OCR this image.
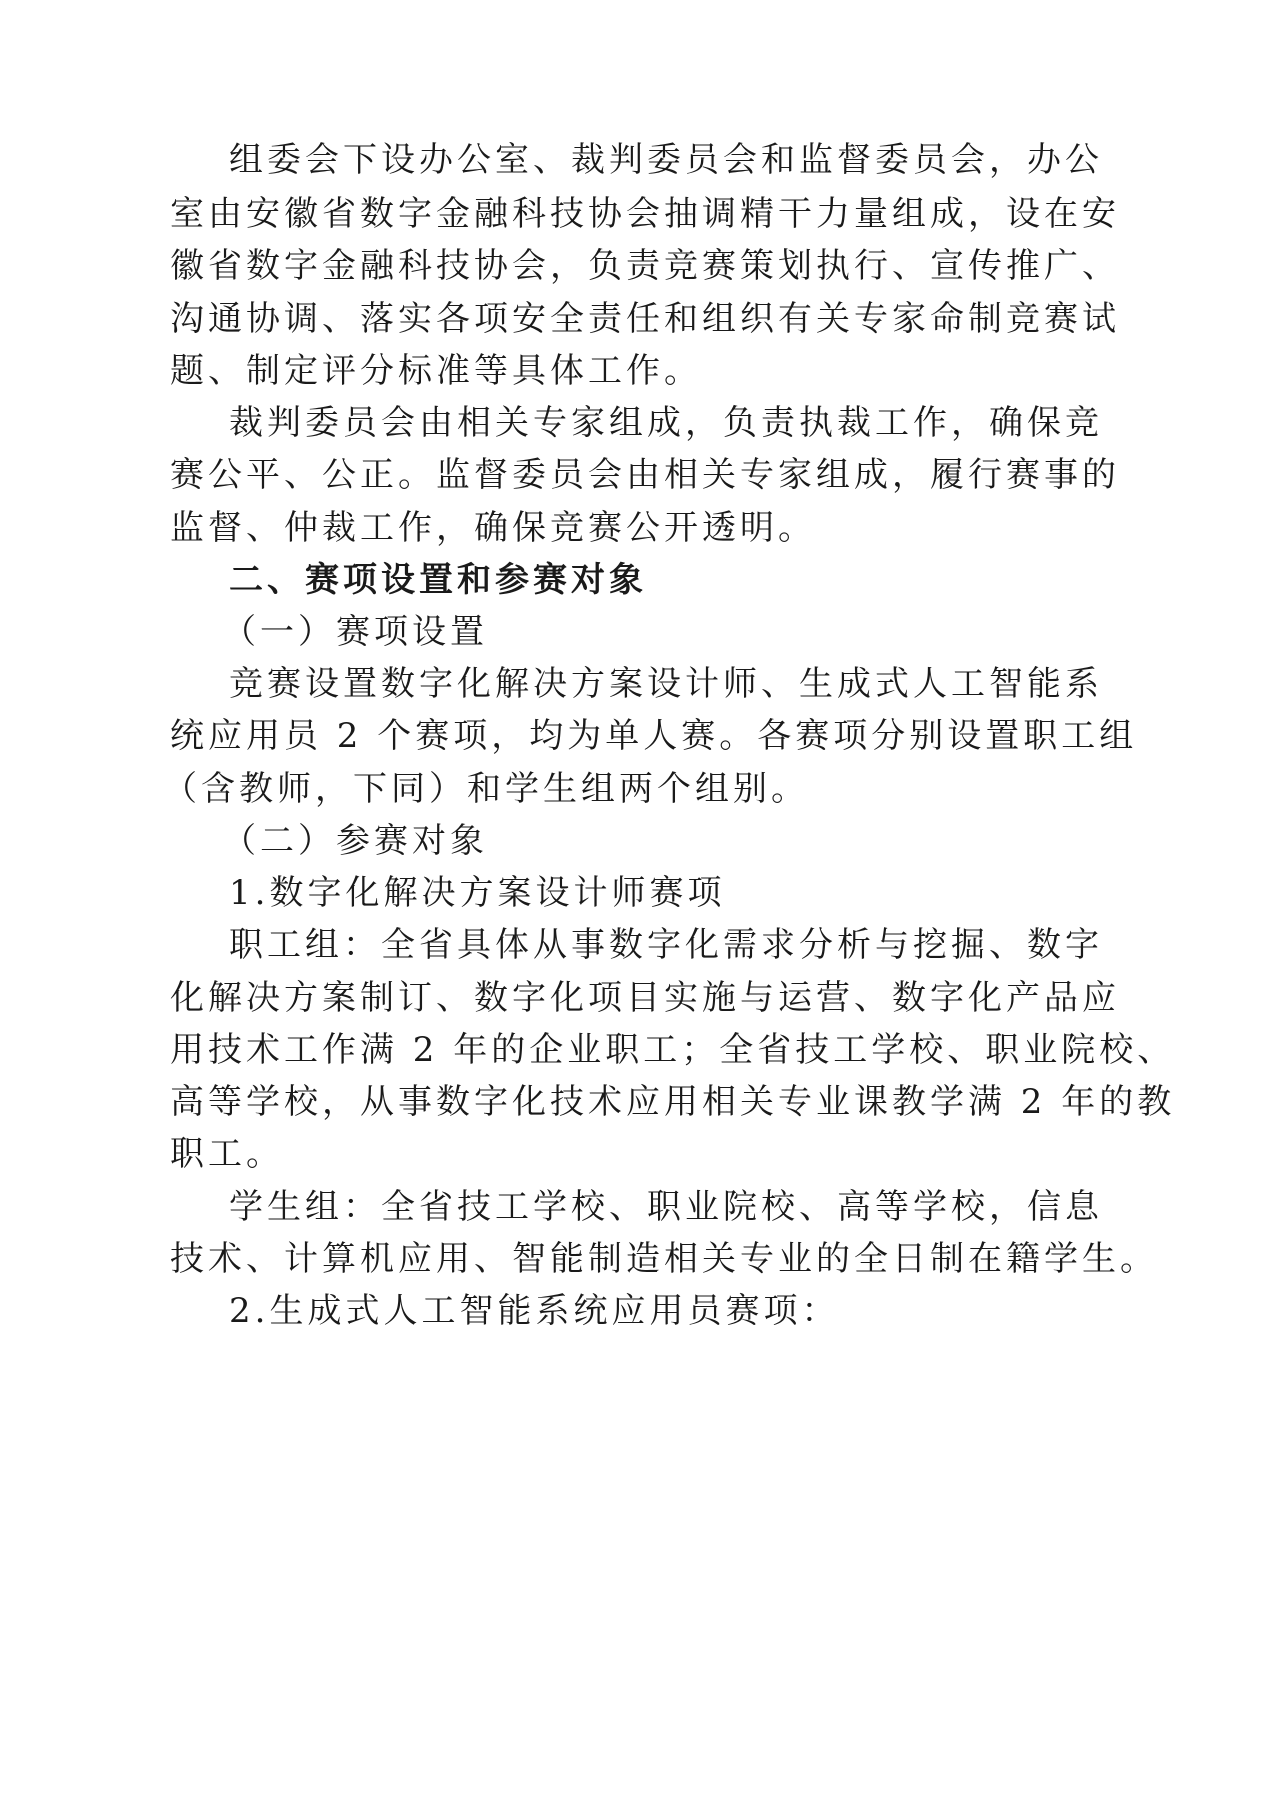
组委会下设办公室、裁判委员会和监督委员会，办公
室由安徽省数字金融科技协会抽调精干力量组成，设在安
徽省数字金融科技协会，负责竞赛策划执行、宣传推广、
沟通协调、落实各项安全责任和组织有关专家命制竞赛试
题、制定评分标准等具体工作。
裁判委员会由相关专家组成，负责执裁工作，确保竞
赛公平、公正。监督委员会由相关专家组成，履行赛事的
监督、仲裁工作，确保竞赛公开透明。
二、赛项设置和参赛对象
（一）赛项设置
竞赛设置数字化解决方案设计师、生成式人工智能系
统应用员 2 个赛项，均为单人赛。各赛项分别设置职工组
（含教师，下同）和学生组两个组别。
（二）参赛对象
1.数字化解决方案设计师赛项
职工组：全省具体从事数字化需求分析与挖掘、数字
化解决方案制订、数字化项目实施与运营、数字化产品应
用技术工作满 2 年的企业职工；全省技工学校、职业院校、
高等学校，从事数字化技术应用相关专业课教学满 2 年的教
职工。
学生组：全省技工学校、职业院校、高等学校，信息
技术、计算机应用、智能制造相关专业的全日制在籍学生。
2.生成式人工智能系统应用员赛项：
